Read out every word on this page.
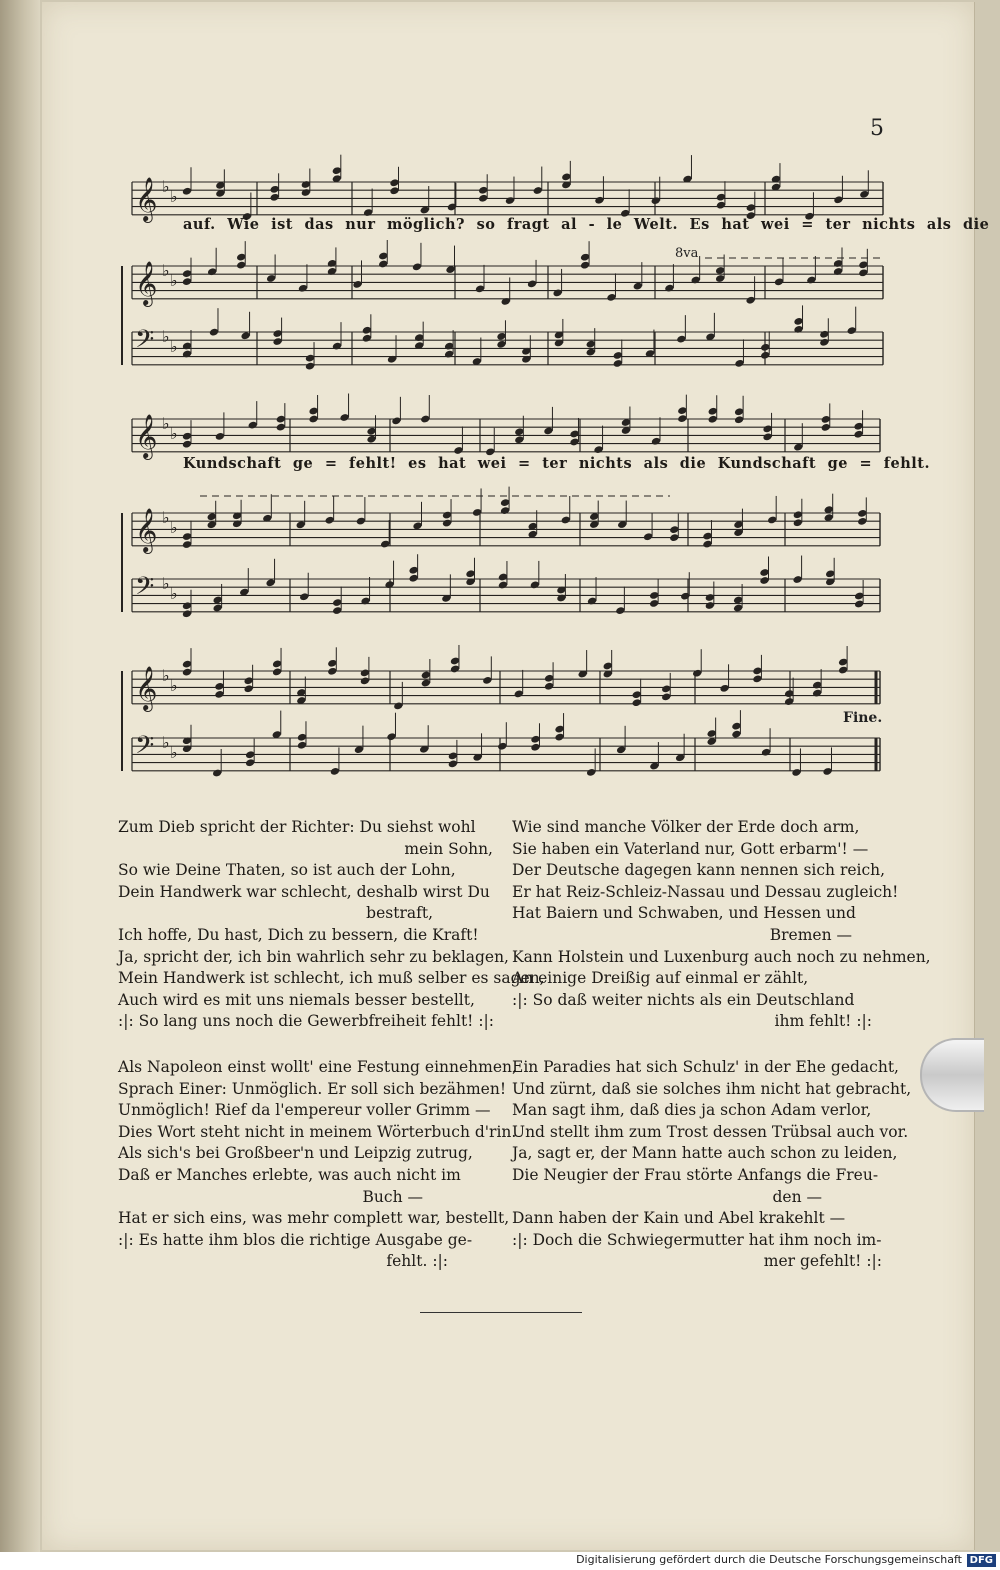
5
𝄞 ♭
♭
𝄞 ♭
♭
𝄢 ♭
♭
𝄞 ♭
♭
𝄞 ♭
♭
𝄢 ♭
♭
𝄞 ♭
♭
𝄢 ♭
♭
auf. Wie ist das nur möglich? so fragt al - le Welt. Es hat wei = ter nichts als die
8va
Kundschaft ge = fehlt! es hat wei = ter nichts als die Kundschaft ge = fehlt.
Fine.
Zum Dieb spricht der Richter: Du siehst wohl
mein Sohn,
So wie Deine Thaten, so ist auch der Lohn,
Dein Handwerk war schlecht, deshalb wirst Du
bestraft,
Ich hoffe, Du hast, Dich zu bessern, die Kraft!
Ja, spricht der, ich bin wahrlich sehr zu beklagen,
Mein Handwerk ist schlecht, ich muß selber es sagen,
Auch wird es mit uns niemals besser bestellt,
:|: So lang uns noch die Gewerbfreiheit fehlt! :|:
Wie sind manche Völker der Erde doch arm,
Sie haben ein Vaterland nur, Gott erbarm'! —
Der Deutsche dagegen kann nennen sich reich,
Er hat Reiz-Schleiz-Nassau und Dessau zugleich!
Hat Baiern und Schwaben, und Hessen und
Bremen —
Kann Holstein und Luxenburg auch noch zu nehmen,
An einige Dreißig auf einmal er zählt,
:|: So daß weiter nichts als ein Deutschland
ihm fehlt! :|:
Als Napoleon einst wollt' eine Festung einnehmen,
Sprach Einer: Unmöglich. Er soll sich bezähmen!
Unmöglich! Rief da l'empereur voller Grimm —
Dies Wort steht nicht in meinem Wörterbuch d'rin.
Als sich's bei Großbeer'n und Leipzig zutrug,
Daß er Manches erlebte, was auch nicht im
Buch —
Hat er sich eins, was mehr complett war, bestellt,
:|: Es hatte ihm blos die richtige Ausgabe ge-
fehlt. :|:
Ein Paradies hat sich Schulz' in der Ehe gedacht,
Und zürnt, daß sie solches ihm nicht hat gebracht,
Man sagt ihm, daß dies ja schon Adam verlor,
Und stellt ihm zum Trost dessen Trübsal auch vor.
Ja, sagt er, der Mann hatte auch schon zu leiden,
Die Neugier der Frau störte Anfangs die Freu-
den —
Dann haben der Kain und Abel krakehlt —
:|: Doch die Schwiegermutter hat ihm noch im-
mer gefehlt! :|:
Digitalisierung gefördert durch die Deutsche Forschungsgemeinschaft DFG
